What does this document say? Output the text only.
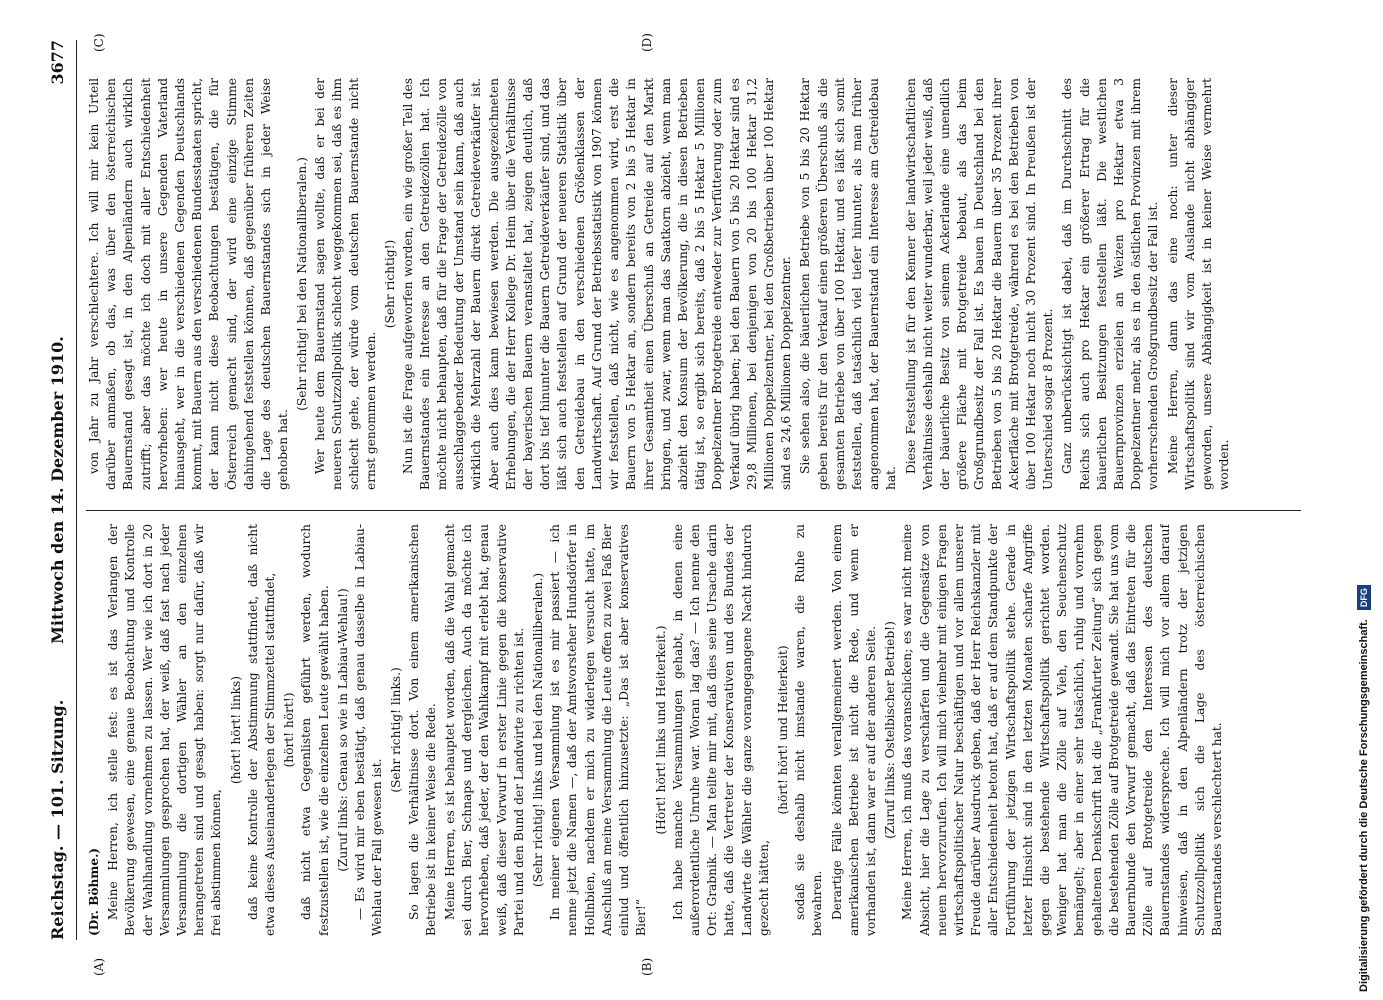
Reichstag. — 101. Sitzung.
Mittwoch den 14. Dezember 1910.
3677
(A)	(B)
(C)	(D)

(Dr. Böhme.) Meine Herren, ich stelle fest: es ist das Verlangen der Bevölkerung gewesen, eine genaue Beobachtung und Kontrolle der Wahlhandlung vornehmen zu lassen. Wer wie ich dort in 20 Versammlungen gesprochen hat, der weiß, daß fast nach jeder Versammlung die dortigen Wähler an den einzelnen herangetreten sind und gesagt haben: sorgt nur dafür, daß wir frei abstimmen können,

(hört! hört! links) daß keine Kontrolle der Abstimmung stattfindet, daß nicht etwa dieses Auseinanderlegen der Stimmzettel stattfindet, (hört! hört!) daß nicht etwa Gegenlisten geführt werden, wodurch festzustellen ist, wie die einzelnen Leute gewählt haben. (Zuruf links: Genau so wie in Labiau-Wehlau!) — Es wird mir eben bestätigt, daß genau dasselbe in Labiau-Wehlau der Fall gewesen ist.

(Sehr richtig! links.) So lagen die Verhältnisse dort. Von einem amerikanischen Betriebe ist in keiner Weise die Rede. Meine Herren, es ist behauptet worden, daß die Wahl gemacht sei durch Bier, Schnaps und dergleichen. Auch da möchte ich hervorheben, daß jeder, der den Wahlkampf mit erlebt hat, genau weiß, daß dieser Vorwurf in erster Linie gegen die konservative Partei und den Bund der Landwirte zu richten ist. (Sehr richtig! links und bei den Nationalliberalen.) In meiner eigenen Versammlung ist es mir passiert — ich nenne jetzt die Namen —, daß der Amtsvorsteher Hundsdörfer in Hollnbien, nachdem er mich zu widerlegen versucht hatte, im Anschluß an meine Versammlung die Leute offen zu zwei Faß Bier einlud und öffentlich hinzusetzte: „Das ist aber konservatives Bier!“

(Hört! hört! links und Heiterkeit.) Ich habe manche Versammlungen gehabt, in denen eine außerordentliche Unruhe war. Woran lag das? — Ich nenne den Ort: Grabnik. — Man teilte mir mit, daß dies seine Ursache darin hatte, daß die Vertreter der Konservativen und des Bundes der Landwirte die Wähler die ganze vorangegangene Nacht hindurch gezecht hätten,

(hört! hört! und Heiterkeit) sodaß sie deshalb nicht imstande waren, die Ruhe zu bewahren. Derartige Fälle könnten verallgemeinert werden. Von einem amerikanischen Betriebe ist nicht die Rede, und wenn er vorhanden ist, dann war er auf der anderen Seite. (Zuruf links: Ostelbischer Betrieb!) Meine Herren, ich muß das voranschicken; es war nicht meine Absicht, hier die Lage zu verschärfen und die Gegensätze von neuem hervorzurufen. Ich will mich vielmehr mit einigen Fragen wirtschaftspolitischer Natur beschäftigen und vor allem unserer Freude darüber Ausdruck geben, daß der Herr Reichskanzler mit aller Entschiedenheit betont hat, daß er auf dem Standpunkte der Fortführung der jetzigen Wirtschaftspolitik stehe. Gerade in letzter Hinsicht sind in den letzten Monaten scharfe Angriffe gegen die bestehende Wirtschaftspolitik gerichtet worden. Weniger hat man die Zölle auf Vieh, den Seuchenschutz bemängelt; aber in einer sehr tatsächlich, ruhig und vornehm gehaltenen Denkschrift hat die „Frankfurter Zeitung“ sich gegen die bestehenden Zölle auf Brotgetreide gewandt. Sie hat uns vom Bauernbunde den Vorwurf gemacht, daß das Eintreten für die Zölle auf Brotgetreide den Interessen des deutschen Bauernstandes widerspreche. Ich will mich vor allem darauf hinweisen, daß in den Alpenländern trotz der jetzigen Schutzzollpolitik sich die Lage des österreichischen Bauernstandes verschlechtert hat.

von Jahr zu Jahr verschlechtere. Ich will mir kein Urteil darüber anmaßen, ob das, was über den österreichischen Bauernstand gesagt ist, in den Alpenländern auch wirklich zutrifft; aber das möchte ich doch mit aller Entschiedenheit hervorheben: wer heute in unsere Gegenden Vaterland hinausgeht, wer in die verschiedenen Gegenden Deutschlands kommt, mit Bauern aus den verschiedenen Bundesstaaten spricht, der kann nicht diese Beobachtungen bestätigen, die für Österreich gemacht sind, der wird eine einzige Stimme dahingehend feststellen können, daß gegenüber früheren Zeiten die Lage des deutschen Bauernstandes sich in jeder Weise gehoben hat.

(Sehr richtig! bei den Nationalliberalen.) Wer heute dem Bauernstand sagen wollte, daß er bei der neueren Schutzzollpolitik schlecht weggekommen sei, daß es ihm schlecht gehe, der würde vom deutschen Bauernstande nicht ernst genommen werden.

(Sehr richtig!) Nun ist die Frage aufgeworfen worden, ein wie großer Teil des Bauernstandes ein Interesse an den Getreidezöllen hat. Ich möchte nicht behaupten, daß für die Frage der Getreidezölle von ausschlaggebender Bedeutung der Umstand sein kann, daß auch wirklich die Mehrzahl der Bauern direkt Getreideverkäufer ist. Aber auch dies kann bewiesen werden. Die ausgezeichneten Erhebungen, die der Herr Kollege Dr. Heim über die Verhältnisse der bayerischen Bauern veranstaltet hat, zeigen deutlich, daß dort bis tief hinunter die Bauern Getreideverkäufer sind, und das läßt sich auch feststellen auf Grund der neueren Statistik über den Getreidebau in den verschiedenen Größenklassen der Landwirtschaft. Auf Grund der Betriebsstatistik von 1907 können wir feststellen, daß nicht, wie es angenommen wird, erst die Bauern von 5 Hektar an, sondern bereits von 2 bis 5 Hektar in ihrer Gesamtheit einen Überschuß an Getreide auf den Markt bringen, und zwar, wenn man das Saatkorn abzieht, wenn man abzieht den Konsum der Bevölkerung, die in diesen Betrieben tätig ist, so ergibt sich bereits, daß 2 bis 5 Hektar 5 Millionen Doppelzentner Brotgetreide entweder zur Verfütterung oder zum Verkauf übrig haben; bei den Bauern von 5 bis 20 Hektar sind es 29,8 Millionen, bei denjenigen von 20 bis 100 Hektar 31,2 Millionen Doppelzentner, bei den Großbetrieben über 100 Hektar sind es 24,6 Millionen Doppelzentner. Sie sehen also, die bäuerlichen Betriebe von 5 bis 20 Hektar geben bereits für den Verkauf einen größeren Überschuß als die gesamten Betriebe von über 100 Hektar, und es läßt sich somit feststellen, daß tatsächlich viel tiefer hinunter, als man früher angenommen hat, der Bauernstand ein Interesse am Getreidebau hat.

Diese Feststellung ist für den Kenner der landwirtschaftlichen Verhältnisse deshalb nicht weiter wunderbar, weil jeder weiß, daß der bäuerliche Besitz von seinem Ackerlande eine unendlich größere Fläche mit Brotgetreide bebaut, als das beim Großgrundbesitz der Fall ist. Es bauen in Deutschland bei den Betrieben von 5 bis 20 Hektar die Bauern über 35 Prozent ihrer Ackerfläche mit Brotgetreide, während es bei den Betrieben von über 100 Hektar noch nicht 30 Prozent sind. In Preußen ist der Unterschied sogar 8 Prozent. Ganz unberücksichtigt ist dabei, daß im Durchschnitt des Reichs sich auch pro Hektar ein größerer Ertrag für die bäuerlichen Besitzungen feststellen läßt. Die westlichen Bauernprovinzen erzielen an Weizen pro Hektar etwa 3 Doppelzentner mehr, als es in den östlichen Provinzen mit ihrem vorherrschenden Großgrundbesitz der Fall ist. Meine Herren, dann das eine noch: unter dieser Wirtschaftspolitik sind wir vom Auslande nicht abhängiger geworden, unsere Abhängigkeit ist in keiner Weise vermehrt worden.

Digitalisierung gefördert durch die Deutsche Forschungsgemeinschaft. DFG
